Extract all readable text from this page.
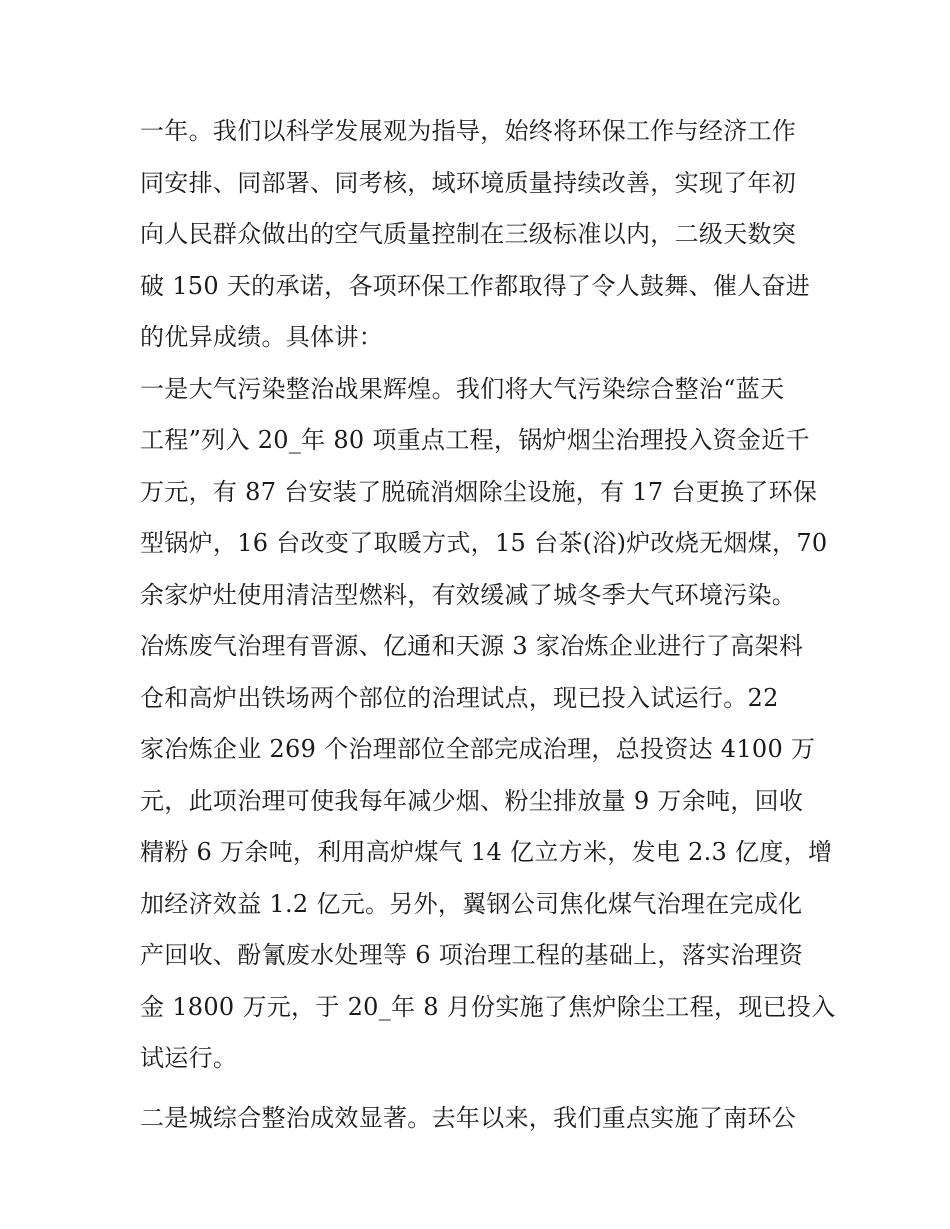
一年。我们以科学发展观为指导，始终将环保工作与经济工作
同安排、同部署、同考核，域环境质量持续改善，实现了年初
向人民群众做出的空气质量控制在三级标准以内，二级天数突
破 150 天的承诺，各项环保工作都取得了令人鼓舞、催人奋进
的优异成绩。具体讲：
一是大气污染整治战果辉煌。我们将大气污染综合整治“蓝天
工程”列入 20_年 80 项重点工程，锅炉烟尘治理投入资金近千
万元，有 87 台安装了脱硫消烟除尘设施，有 17 台更换了环保
型锅炉，16 台改变了取暖方式，15 台茶(浴)炉改烧无烟煤，70
余家炉灶使用清洁型燃料，有效缓减了城冬季大气环境污染。
冶炼废气治理有晋源、亿通和天源 3 家冶炼企业进行了高架料
仓和高炉出铁场两个部位的治理试点，现已投入试运行。22
家冶炼企业 269 个治理部位全部完成治理，总投资达 4100 万
元，此项治理可使我每年减少烟、粉尘排放量 9 万余吨，回收
精粉 6 万余吨，利用高炉煤气 14 亿立方米，发电 2.3 亿度，增
加经济效益 1.2 亿元。另外，翼钢公司焦化煤气治理在完成化
产回收、酚氰废水处理等 6 项治理工程的基础上，落实治理资
金 1800 万元，于 20_年 8 月份实施了焦炉除尘工程，现已投入
试运行。
二是城综合整治成效显著。去年以来，我们重点实施了南环公
